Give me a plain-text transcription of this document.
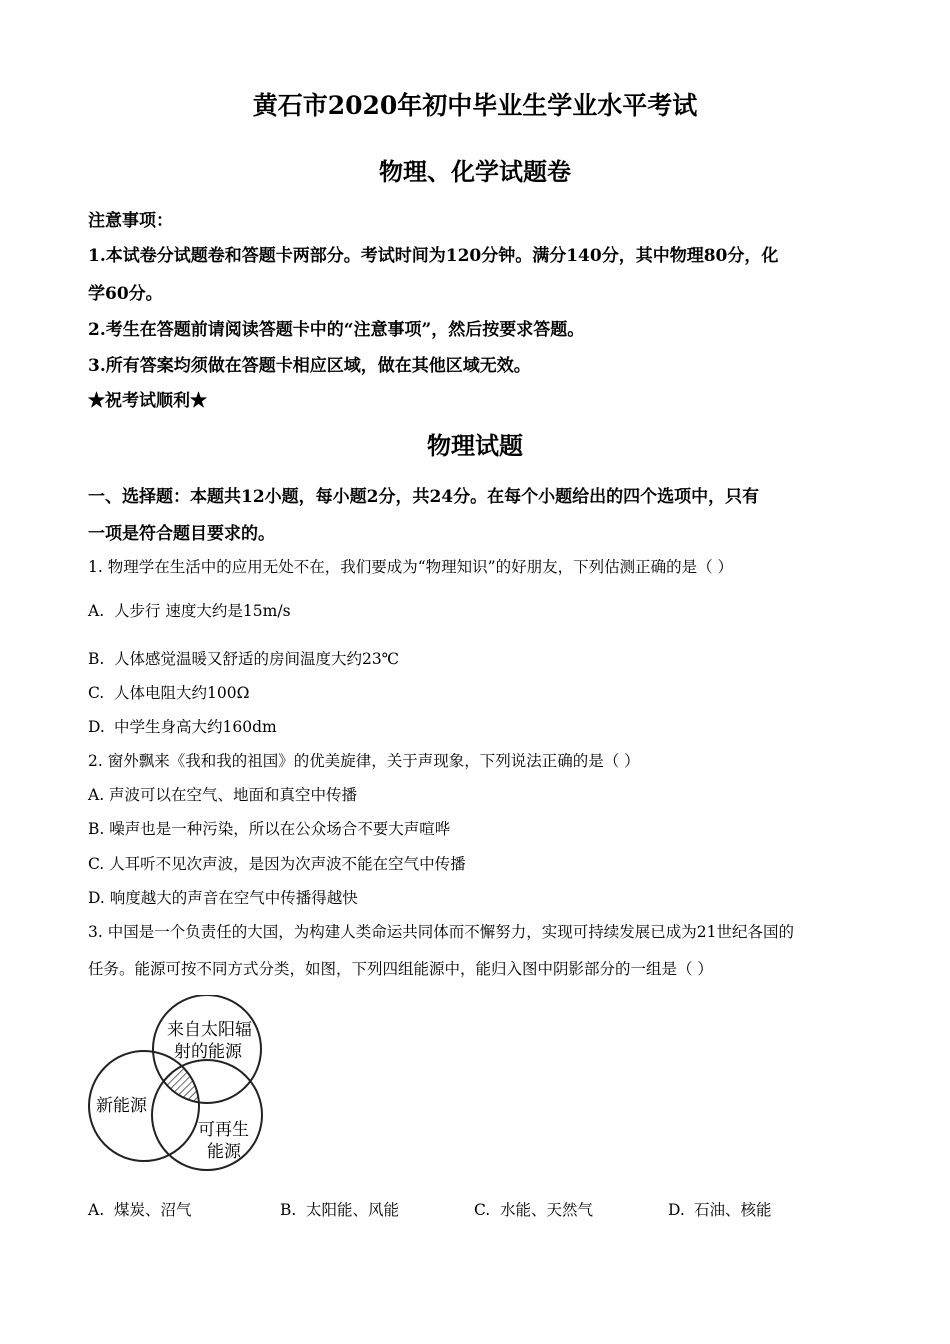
黄石市2020年初中毕业生学业水平考试
物理、化学试题卷
注意事项：
1.本试卷分试题卷和答题卡两部分。考试时间为120分钟。满分140分，其中物理80分，化
学60分。
2.考生在答题前请阅读答题卡中的“注意事项”，然后按要求答题。
3.所有答案均须做在答题卡相应区域，做在其他区域无效。
★祝考试顺利★
物理试题
一、选择题：本题共12小题，每小题2分，共24分。在每个小题给出的四个选项中，只有
一项是符合题目要求的。
1. 物理学在生活中的应用无处不在，我们要成为“物理知识”的好朋友，下列估测正确的是（ ）
A. 人步行 速度大约是15m/s
B. 人体感觉温暖又舒适的房间温度大约23℃
C. 人体电阻大约100Ω
D. 中学生身高大约160dm
2. 窗外飘来《我和我的祖国》的优美旋律，关于声现象，下列说法正确的是（ ）
A. 声波可以在空气、地面和真空中传播
B. 噪声也是一种污染，所以在公众场合不要大声喧哗
C. 人耳听不见次声波，是因为次声波不能在空气中传播
D. 响度越大的声音在空气中传播得越快
3. 中国是一个负责任的大国，为构建人类命运共同体而不懈努力，实现可持续发展已成为21世纪各国的
任务。能源可按不同方式分类，如图，下列四组能源中，能归入图中阴影部分的一组是（ ）
来自太阳辐
射的能源
新能源
可再生
能源
A. 煤炭、沼气	B. 太阳能、风能	C. 水能、天然气	D. 石油、核能
